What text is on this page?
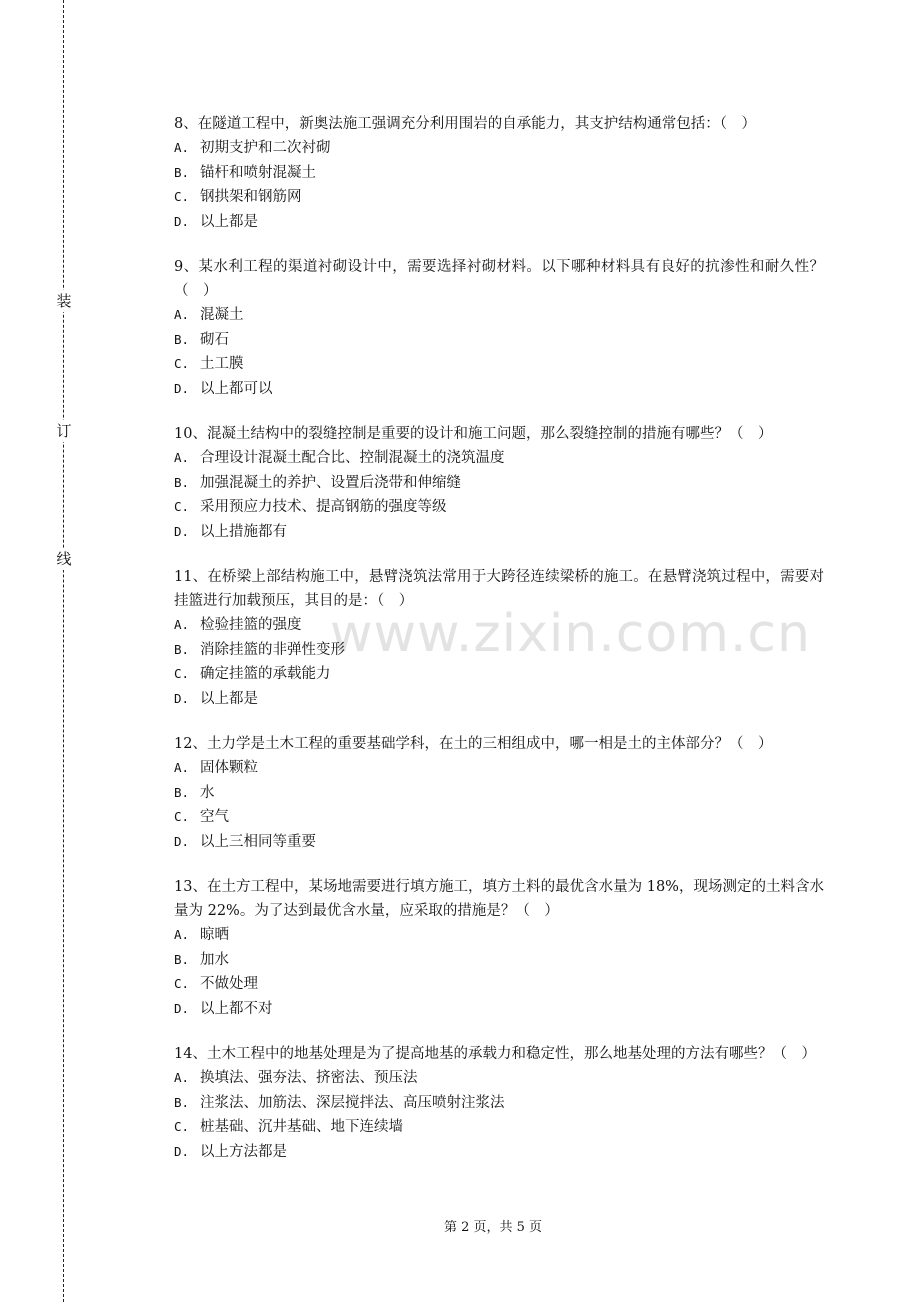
装
订
线
www.zixin.com.cn

8、在隧道工程中，新奥法施工强调充分利用围岩的自承能力，其支护结构通常包括：（　）

A. 初期支护和二次衬砌
B. 锚杆和喷射混凝土
C. 钢拱架和钢筋网
D. 以上都是

9、某水利工程的渠道衬砌设计中，需要选择衬砌材料。以下哪种材料具有良好的抗渗性和耐久性？（　）

A. 混凝土
B. 砌石
C. 土工膜
D. 以上都可以

10、混凝土结构中的裂缝控制是重要的设计和施工问题，那么裂缝控制的措施有哪些？（　）

A. 合理设计混凝土配合比、控制混凝土的浇筑温度
B. 加强混凝土的养护、设置后浇带和伸缩缝
C. 采用预应力技术、提高钢筋的强度等级
D. 以上措施都有

11、在桥梁上部结构施工中，悬臂浇筑法常用于大跨径连续梁桥的施工。在悬臂浇筑过程中，需要对挂篮进行加载预压，其目的是：（　）

A. 检验挂篮的强度
B. 消除挂篮的非弹性变形
C. 确定挂篮的承载能力
D. 以上都是

12、土力学是土木工程的重要基础学科，在土的三相组成中，哪一相是土的主体部分？（　）

A. 固体颗粒
B. 水
C. 空气
D. 以上三相同等重要

13、在土方工程中，某场地需要进行填方施工，填方土料的最优含水量为 18%，现场测定的土料含水量为 22%。为了达到最优含水量，应采取的措施是？（　）

A. 晾晒
B. 加水
C. 不做处理
D. 以上都不对

14、土木工程中的地基处理是为了提高地基的承载力和稳定性，那么地基处理的方法有哪些？（　）

A. 换填法、强夯法、挤密法、预压法
B. 注浆法、加筋法、深层搅拌法、高压喷射注浆法
C. 桩基础、沉井基础、地下连续墙
D. 以上方法都是
第 2 页，共 5 页
